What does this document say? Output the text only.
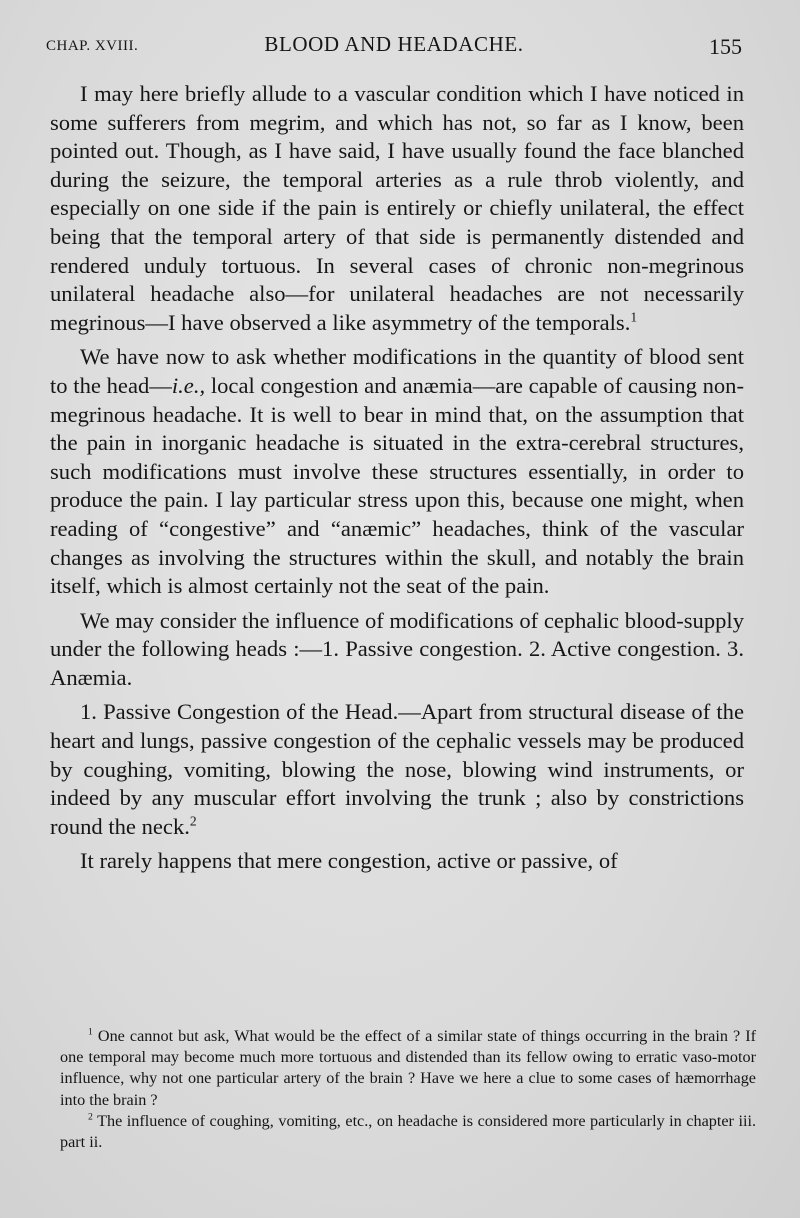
CHAP. XVIII.	BLOOD AND HEADACHE.	155

I may here briefly allude to a vascular condition which I have noticed in some sufferers from megrim, and which has not, so far as I know, been pointed out. Though, as I have said, I have usually found the face blanched during the seizure, the temporal arteries as a rule throb violently, and especially on one side if the pain is entirely or chiefly unilateral, the effect being that the temporal artery of that side is permanently distended and rendered unduly tortuous. In several cases of chronic non-megrinous unilateral headache also—for unilateral headaches are not necessarily megrinous—I have observed a like asymmetry of the temporals.$^1$

We have now to ask whether modifications in the quantity of blood sent to the head—i.e., local congestion and anæmia—are capable of causing non-megrinous headache. It is well to bear in mind that, on the assumption that the pain in inorganic headache is situated in the extra-cerebral structures, such modifications must involve these structures essentially, in order to produce the pain. I lay particular stress upon this, because one might, when reading of “congestive” and “anæmic” headaches, think of the vascular changes as involving the structures within the skull, and notably the brain itself, which is almost certainly not the seat of the pain.

We may consider the influence of modifications of cephalic blood-supply under the following heads :—1. Passive congestion. 2. Active congestion. 3. Anæmia.

1. Passive Congestion of the Head.—Apart from structural disease of the heart and lungs, passive congestion of the cephalic vessels may be produced by coughing, vomiting, blowing the nose, blowing wind instruments, or indeed by any muscular effort involving the trunk ; also by constrictions round the neck.$^2$

It rarely happens that mere congestion, active or passive, of

$^1$ One cannot but ask, What would be the effect of a similar state of things occurring in the brain ? If one temporal may become much more tortuous and distended than its fellow owing to erratic vaso-motor influence, why not one particular artery of the brain ? Have we here a clue to some cases of hæmorrhage into the brain ?

$^2$ The influence of coughing, vomiting, etc., on headache is considered more particularly in chapter iii. part ii.
